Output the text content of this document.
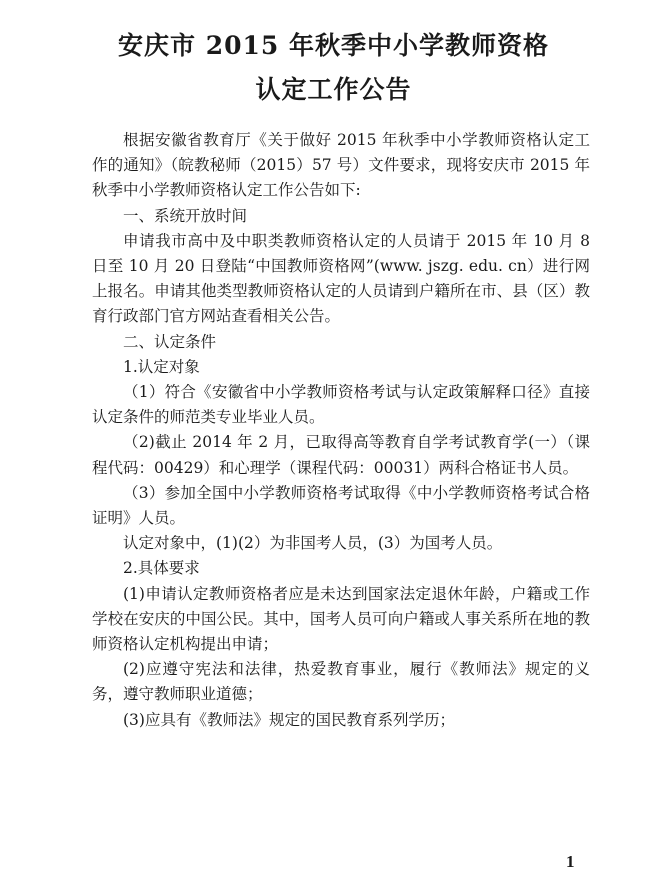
安庆市 2015 年秋季中小学教师资格
认定工作公告

根据安徽省教育厅《关于做好 2015 年秋季中小学教师资格认定工作的通知》（皖教秘师（2015）57 号）文件要求，现将安庆市 2015 年秋季中小学教师资格认定工作公告如下:

一、系统开放时间

申请我市高中及中职类教师资格认定的人员请于 2015 年 10 月 8 日至 10 月 20 日登陆“中国教师资格网”(www. jszg. edu. cn）进行网上报名。申请其他类型教师资格认定的人员请到户籍所在市、县（区）教育行政部门官方网站查看相关公告。

二、认定条件

1.认定对象

（1）符合《安徽省中小学教师资格考试与认定政策解释口径》直接认定条件的师范类专业毕业人员。

（2)截止 2014 年 2 月，已取得高等教育自学考试教育学(一）（课程代码：00429）和心理学（课程代码：00031）两科合格证书人员。

（3）参加全国中小学教师资格考试取得《中小学教师资格考试合格证明》人员。

认定对象中，(1)(2）为非国考人员，(3）为国考人员。

2.具体要求

(1)申请认定教师资格者应是未达到国家法定退休年龄，户籍或工作学校在安庆的中国公民。其中，国考人员可向户籍或人事关系所在地的教师资格认定机构提出申请；

(2)应遵守宪法和法律，热爱教育事业，履行《教师法》规定的义务，遵守教师职业道德；

(3)应具有《教师法》规定的国民教育系列学历；

1
